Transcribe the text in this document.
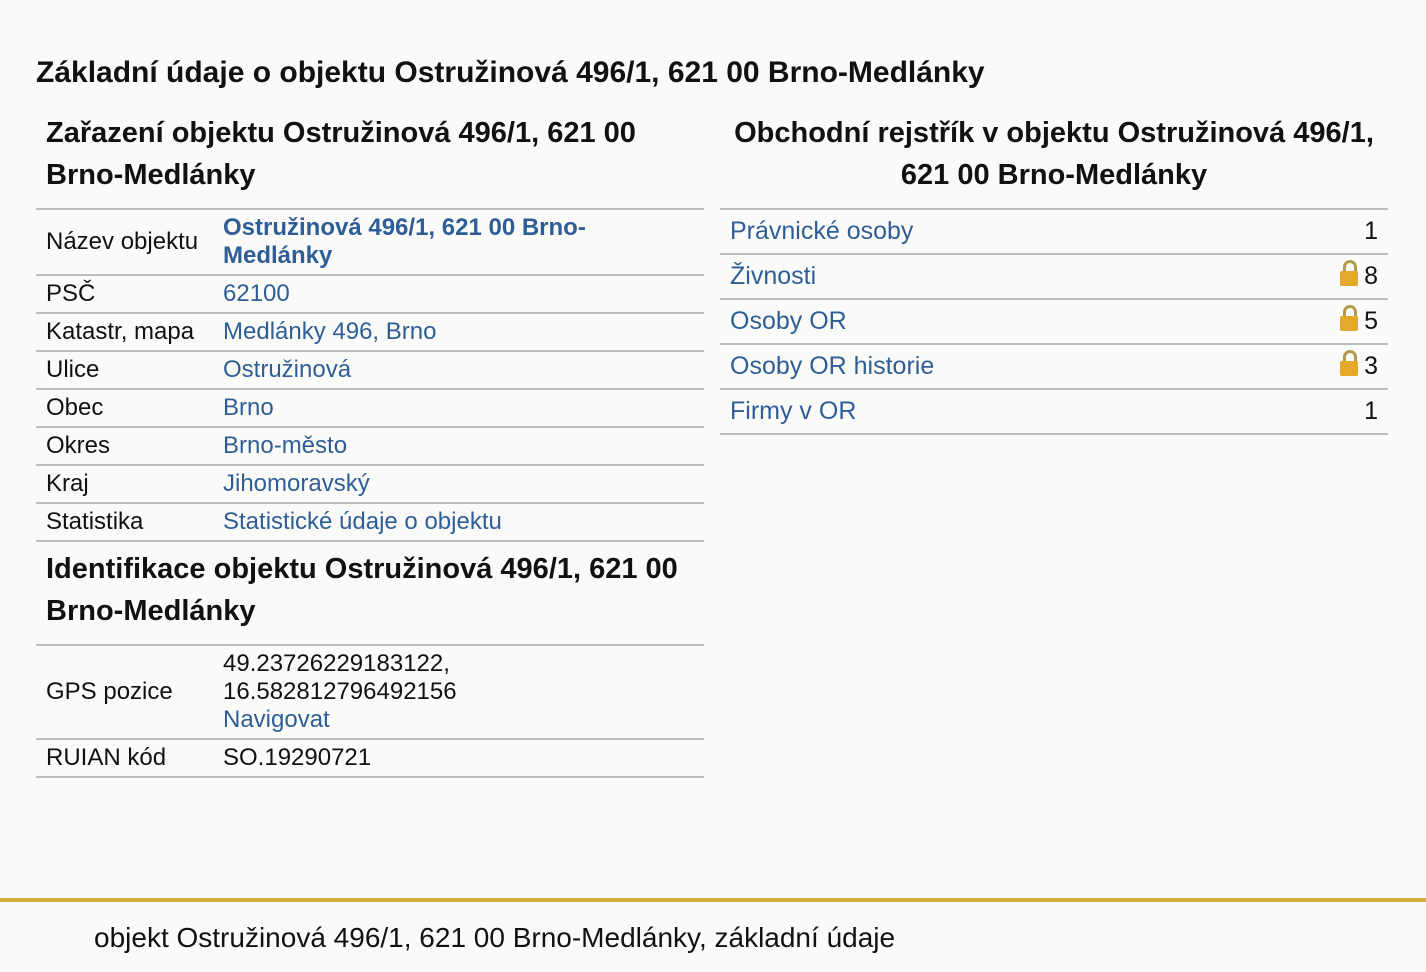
Základní údaje o objektu Ostružinová 496/1, 621 00 Brno-Medlánky
Zařazení objektu Ostružinová 496/1, 621 00 Brno-Medlánky
Název objektu	Ostružinová 496/1, 621 00 Brno-Medlánky
PSČ	62100
Katastr, mapa	Medlánky 496, Brno
Ulice	Ostružinová
Obec	Brno
Okres	Brno-město
Kraj	Jihomoravský
Statistika	Statistické údaje o objektu
Identifikace objektu Ostružinová 496/1, 621 00 Brno-Medlánky
GPS pozice	49.23726229183122,
16.582812796492156
Navigovat
RUIAN kód	SO.19290721
Obchodní rejstřík v objektu Ostružinová 496/1, 621 00 Brno-Medlánky
Právnické osoby	1
Živnosti	8
Osoby OR	5
Osoby OR historie	3
Firmy v OR	1
objekt Ostružinová 496/1, 621 00 Brno-Medlánky, základní údaje
